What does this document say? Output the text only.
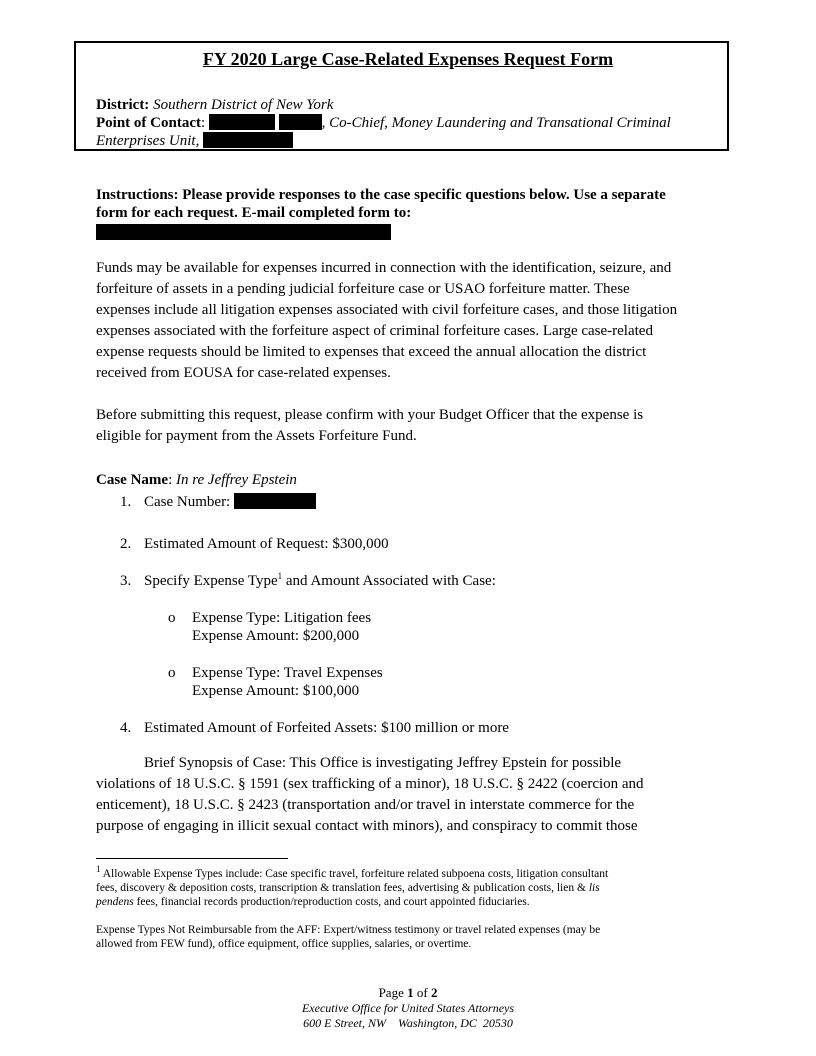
FY 2020 Large Case-Related Expenses Request Form
District: Southern District of New York
Point of Contact:	, Co-Chief, Money Laundering and Transational Criminal
Enterprises Unit,
Instructions: Please provide responses to the case specific questions below. Use a separate
form for each request. E-mail completed form to:
Funds may be available for expenses incurred in connection with the identification, seizure, and
forfeiture of assets in a pending judicial forfeiture case or USAO forfeiture matter. These
expenses include all litigation expenses associated with civil forfeiture cases, and those litigation
expenses associated with the forfeiture aspect of criminal forfeiture cases. Large case-related
expense requests should be limited to expenses that exceed the annual allocation the district
received from EOUSA for case-related expenses.
Before submitting this request, please confirm with your Budget Officer that the expense is
eligible for payment from the Assets Forfeiture Fund.
Case Name: In re Jeffrey Epstein
1. Case Number:
2. Estimated Amount of Request: $300,000
3. Specify Expense Type$^1$ and Amount Associated with Case:
o Expense Type: Litigation fees
Expense Amount: $200,000
o Expense Type: Travel Expenses
Expense Amount: $100,000
4. Estimated Amount of Forfeited Assets: $100 million or more
Brief Synopsis of Case: This Office is investigating Jeffrey Epstein for possible
violations of 18 U.S.C. § 1591 (sex trafficking of a minor), 18 U.S.C. § 2422 (coercion and
enticement), 18 U.S.C. § 2423 (transportation and/or travel in interstate commerce for the
purpose of engaging in illicit sexual contact with minors), and conspiracy to commit those
$^1$ Allowable Expense Types include: Case specific travel, forfeiture related subpoena costs, litigation consultant
fees, discovery & deposition costs, transcription & translation fees, advertising & publication costs, lien & lis
pendens fees, financial records production/reproduction costs, and court appointed fiduciaries.
Expense Types Not Reimbursable from the AFF: Expert/witness testimony or travel related expenses (may be
allowed from FEW fund), office equipment, office supplies, salaries, or overtime.
Page 1 of 2
Executive Office for United States Attorneys
600 E Street, NW    Washington, DC  20530
